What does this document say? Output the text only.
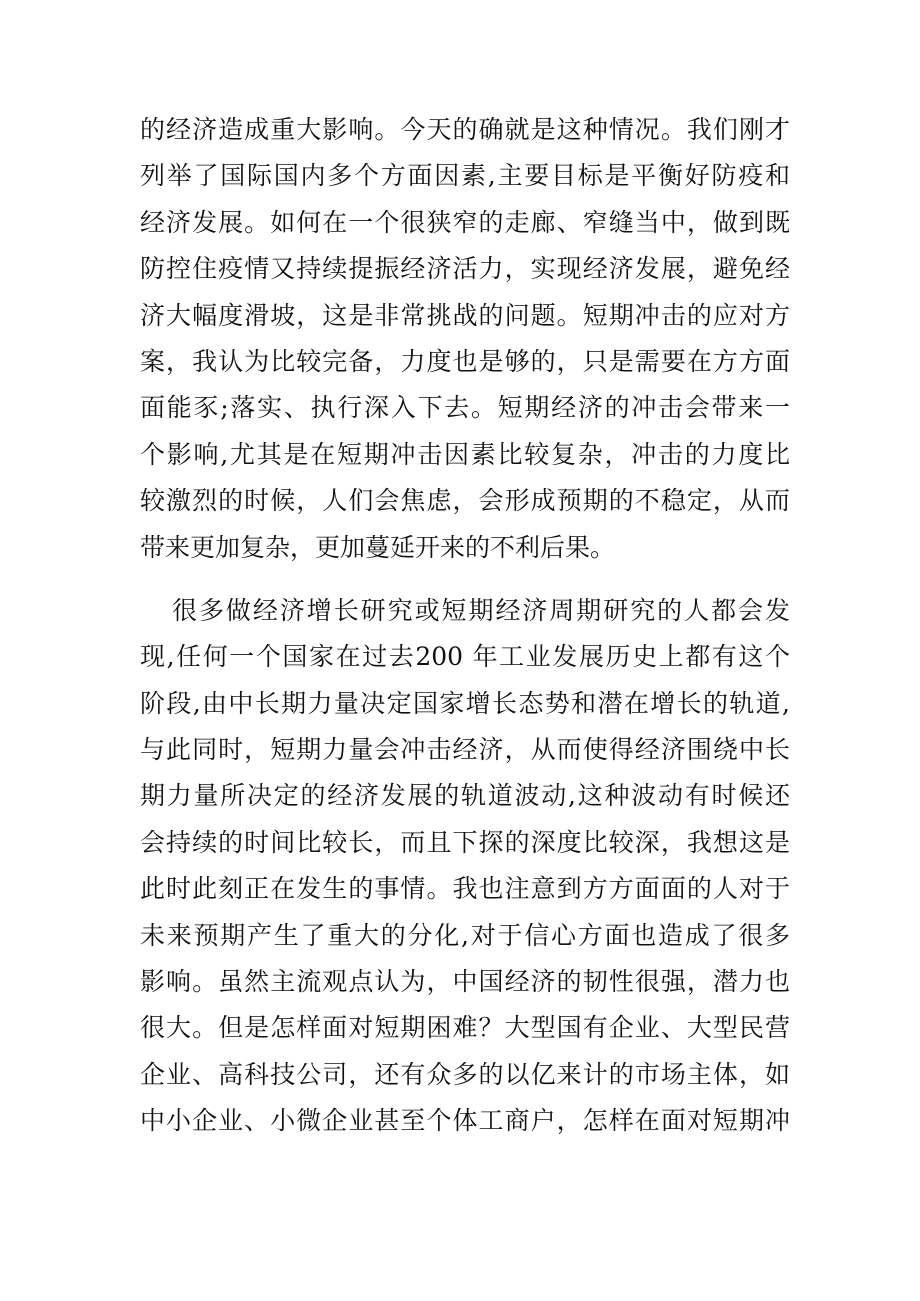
的经济造成重大影响。今天的确就是这种情况。我们刚才
列举了国际国内多个方面因素,主要目标是平衡好防疫和
经济发展。如何在一个很狭窄的走廊、窄缝当中，做到既
防控住疫情又持续提振经济活力，实现经济发展，避免经
济大幅度滑坡，这是非常挑战的问题。短期冲击的应对方
案，我认为比较完备，力度也是够的，只是需要在方方面
面能豕;落实、执行深入下去。短期经济的冲击会带来一
个影响,尤其是在短期冲击因素比较复杂，冲击的力度比
较激烈的时候，人们会焦虑，会形成预期的不稳定，从而
带来更加复杂，更加蔓延开来的不利后果。
很多做经济增长研究或短期经济周期研究的人都会发
现,任何一个国家在过去200 年工业发展历史上都有这个
阶段,由中长期力量决定国家增长态势和潜在增长的轨道,
与此同时，短期力量会冲击经济，从而使得经济围绕中长
期力量所决定的经济发展的轨道波动,这种波动有时候还
会持续的时间比较长，而且下探的深度比较深，我想这是
此时此刻正在发生的事情。我也注意到方方面面的人对于
未来预期产生了重大的分化,对于信心方面也造成了很多
影响。虽然主流观点认为，中国经济的韧性很强，潜力也
很大。但是怎样面对短期困难？大型国有企业、大型民营
企业、高科技公司，还有众多的以亿来计的市场主体，如
中小企业、小微企业甚至个体工商户，怎样在面对短期冲
